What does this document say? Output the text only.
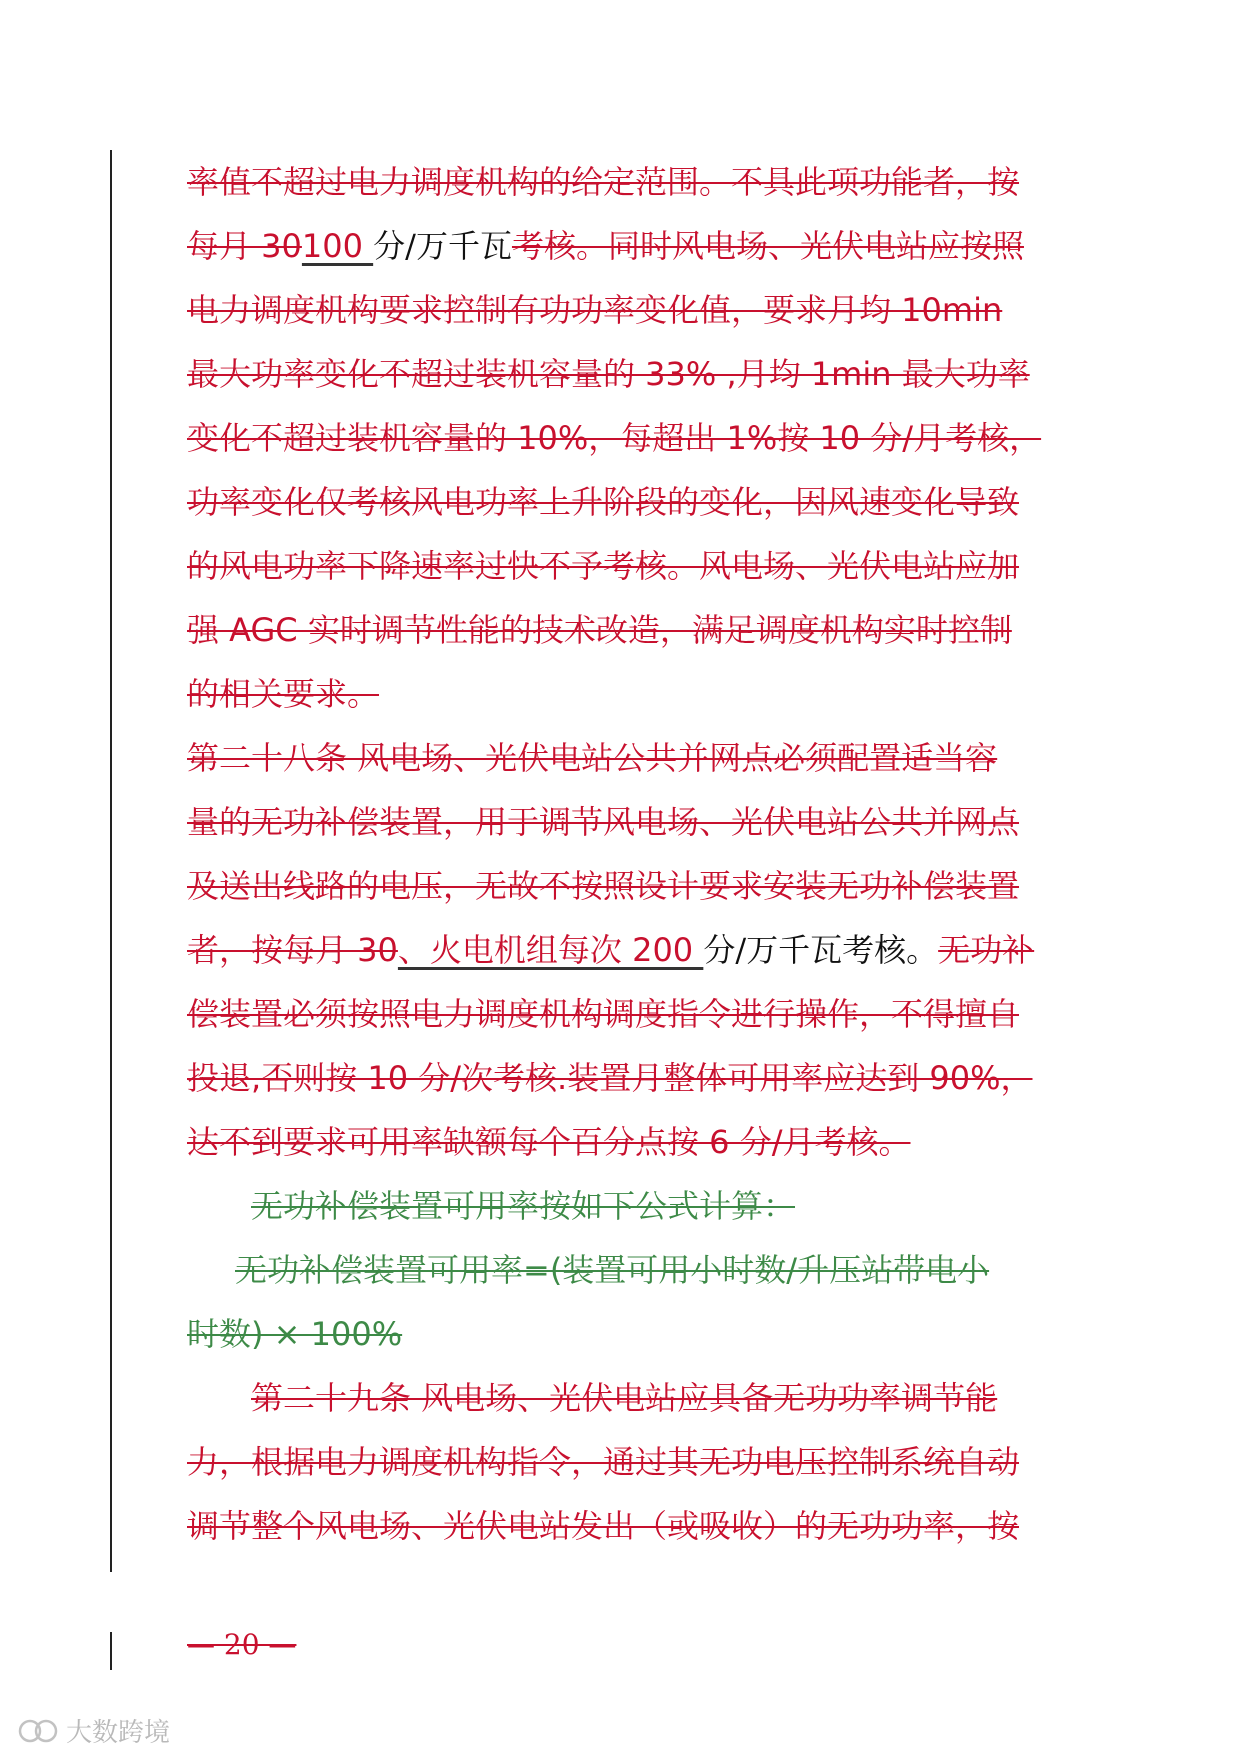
率值不超过电力调度机构的给定范围。不具此项功能者，按
每月 30100 分/万千瓦考核。同时风电场、光伏电站应按照
电力调度机构要求控制有功功率变化值，要求月均 10min
最大功率变化不超过装机容量的 33% ,月均 1min 最大功率
变化不超过装机容量的 10%，每超出 1%按 10 分/月考核，
功率变化仅考核风电功率上升阶段的变化，因风速变化导致
的风电功率下降速率过快不予考核。风电场、光伏电站应加
强 AGC 实时调节性能的技术改造，满足调度机构实时控制
的相关要求。
第二十八条 风电场、光伏电站公共并网点必须配置适当容
量的无功补偿装置，用于调节风电场、光伏电站公共并网点
及送出线路的电压，无故不按照设计要求安装无功补偿装置
者，按每月 30、火电机组每次 200 分/万千瓦考核。无功补
偿装置必须按照电力调度机构调度指令进行操作，不得擅自
投退,否则按 10 分/次考核.装置月整体可用率应达到 90%，
达不到要求可用率缺额每个百分点按 6 分/月考核。
无功补偿装置可用率按如下公式计算：
无功补偿装置可用率=(装置可用小时数/升压站带电小
时数) × 100%
第二十九条 风电场、光伏电站应具备无功功率调节能
力，根据电力调度机构指令，通过其无功电压控制系统自动
调节整个风电场、光伏电站发出（或吸收）的无功功率，按
— 20 —
大数跨境
